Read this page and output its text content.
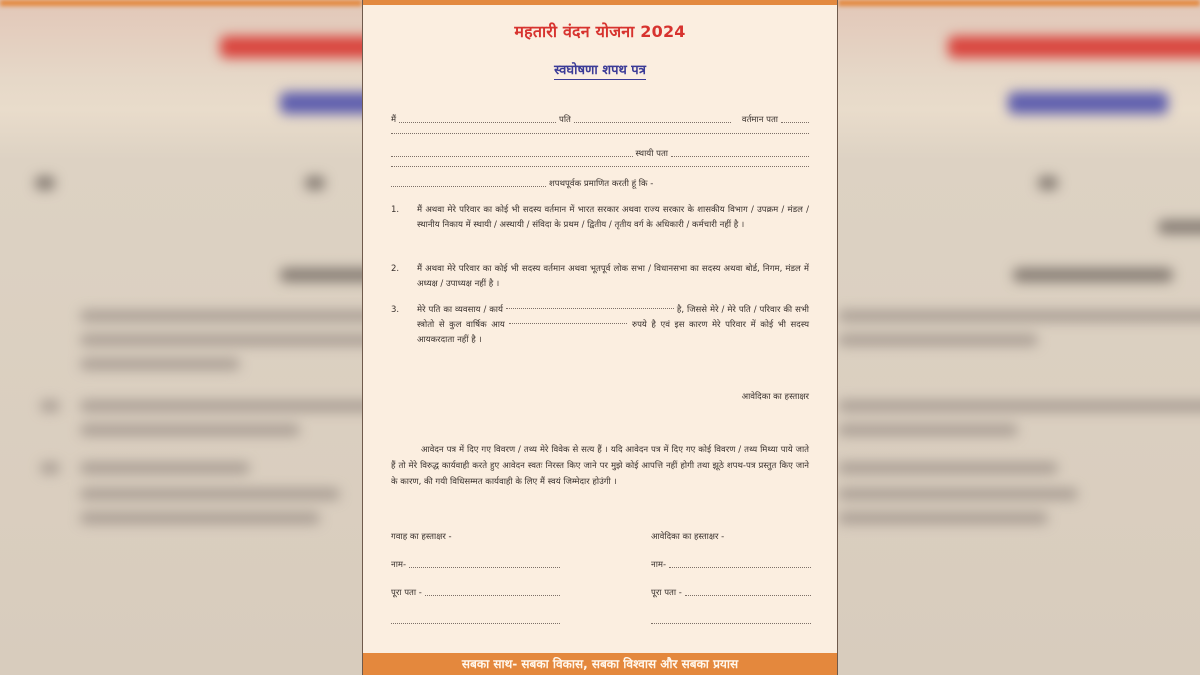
महतारी वंदन योजना 2024
स्वघोषणा शपथ पत्र
मैं	पति	वर्तमान पता
स्थायी पता
शपथपूर्वक प्रमाणित करती हूं कि -
1.	मैं अथवा मेरे परिवार का कोई भी सदस्य वर्तमान में भारत सरकार अथवा राज्य सरकार के शासकीय विभाग / उपक्रम / मंडल / स्थानीय निकाय में स्थायी / अस्थायी / संविदा के प्रथम / द्वितीय / तृतीय वर्ग के अधिकारी / कर्मचारी नहीं है ।
2.	मैं अथवा मेरे परिवार का कोई भी सदस्य वर्तमान अथवा भूतपूर्व लोक सभा / विधानसभा का सदस्य अथवा बोर्ड, निगम, मंडल में अध्यक्ष / उपाध्यक्ष नहीं है ।
3.	मेरे पति का व्यवसाय / कार्य	है, जिससे मेरे / मेरे पति / परिवार की सभी स्त्रोतो से कुल वार्षिक आय	रुपये है एवं इस कारण मेरे परिवार में कोई भी सदस्य आयकरदाता नहीं है ।
आवेदिका का हस्ताक्षर
आवेदन पत्र में दिए गए विवरण / तथ्य मेरे विवेक से सत्य हैं । यदि आवेदन पत्र में दिए गए कोई विवरण / तथ्य मिथ्या पाये जाते हैं तो मेरे विरुद्ध कार्यवाही करते हुए आवेदन स्वतः निरस्त किए जाने पर मुझे कोई आपत्ति नहीं होगी तथा झूठे शपथ-पत्र प्रस्तुत किए जाने के कारण, की गयी विधिसम्मत कार्यवाही के लिए मैं स्वयं जिम्मेदार होउंगी ।
गवाह का हस्ताक्षर -
नाम-
पूरा पता -
आवेदिका का हस्ताक्षर -
नाम-
पूरा पता -
सबका साथ- सबका विकास, सबका विश्वास और सबका प्रयास
